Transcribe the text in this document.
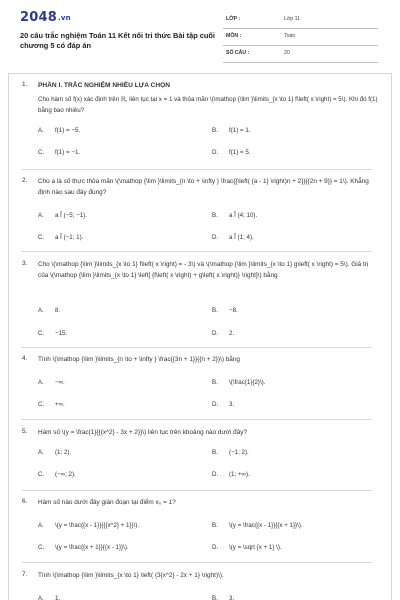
2048.vn
20 câu trắc nghiệm Toán 11 Kết nối tri thức Bài tập cuối chương 5 có đáp án
LỚP :	Lớp 11
MÔN :	Toán
SỐ CÂU :	20
1. PHẦN I. TRẮC NGHIỆM NHIỀU LỰA CHỌN
Cho hàm số f(x) xác định trên ℝ, liên tục tại x = 1 và thỏa mãn \(\mathop {\lim }\limits_{x \to 1} f\left( x \right) = 5\). Khi đó f(1) bằng bao nhiêu?
A. f(1) = −5.	B. f(1) = 1.
C. f(1) = −1.	D. f(1) = 5.
2. Cho a là số thực thỏa mãn \(\mathop {\lim }\limits_{n \to + \infty } \frac{{\left( {a - 1} \right)n + 2}}{{2n + 9}} = 1\). Khẳng định nào sau đây đúng?
A. a Î (−5; −1).	B. a Î (4; 10).
C. a Î (−1; 1).	D. a Î (1; 4).
3. Cho \(\mathop {\lim }\limits_{x \to 1} f\left( x \right) = - 3\) và \(\mathop {\lim }\limits_{x \to 1} g\left( x \right) = 5\). Giá trị của \(\mathop {\lim }\limits_{x \to 1} \left[ {f\left( x \right) + g\left( x \right)} \right]\) bằng
A. 8.	B. −8.
C. −15.	D. 2.
4. Tính \(\mathop {\lim }\limits_{n \to + \infty } \frac{{3n + 1}}{{n + 2}}\) bằng
A. −∞.	B. \(\frac{1}{2}\).
C. +∞.	D. 3.
5. Hàm số \(y = \frac{1}{{{x^2} - 3x + 2}}\) liên tục trên khoảng nào dưới đây?
A. (1; 2).	B. (−1; 2).
C. (−∞; 2).	D. (1; +∞).
6. Hàm số nào dưới đây gián đoạn tại điểm x₀ = 1?
A. \(y = \frac{{x - 1}}{{{x^2} + 1}}\).	B. \(y = \frac{{x - 1}}{{x + 1}}\).
C. \(y = \frac{{x + 1}}{{x - 1}}\).	D. \(y = \sqrt {x + 1} \).
7. Tính \(\mathop {\lim }\limits_{x \to 1} \left( {3{x^2} - 2x + 1} \right)\).
A. 1.	B. 3.
